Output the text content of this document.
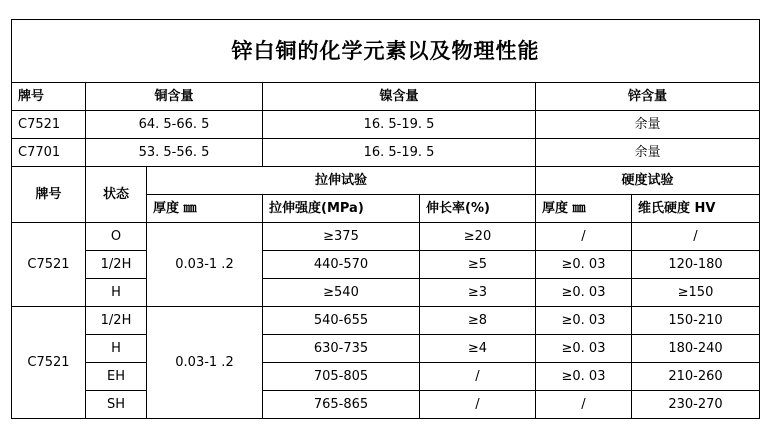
锌白铜的化学元素以及物理性能						
牌号	铜含量		镍含量		锌含量	
C7521	64. 5-66. 5		16. 5-19. 5		余量	
C7701	53. 5-56. 5		16. 5-19. 5		余量	
牌号	状态	拉伸试验			硬度试验	
		厚度 ㎜	拉伸强度(MPa)	伸长率(%)	厚度 ㎜	维氏硬度 HV
C7521	O	0.03-1 .2	≥375	≥20	/	/
	1/2H		440-570	≥5	≥0. 03	120-180
	H		≥540	≥3	≥0. 03	≥150
C7521	1/2H	0.03-1 .2	540-655	≥8	≥0. 03	150-210
	H		630-735	≥4	≥0. 03	180-240
	EH		705-805	/	≥0. 03	210-260
	SH		765-865	/	/	230-270
